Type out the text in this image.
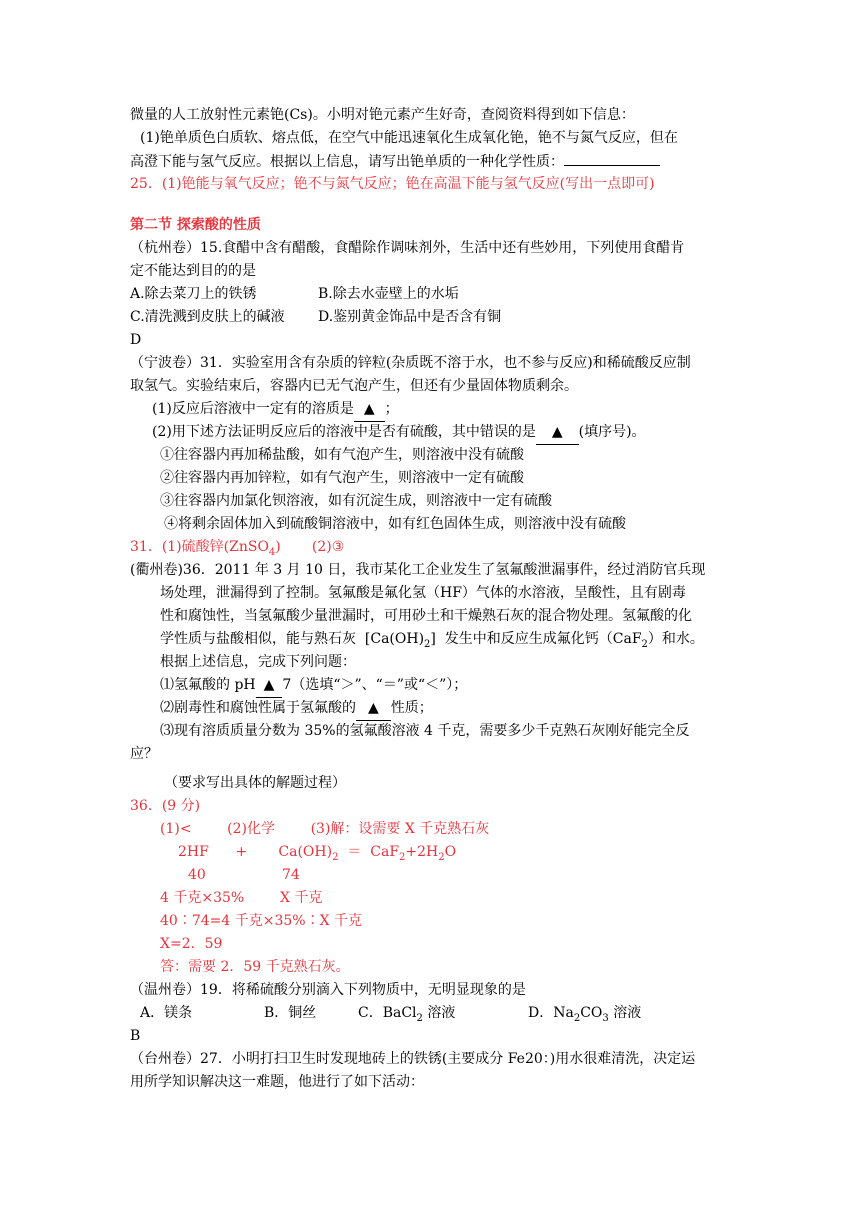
微量的人工放射性元素铯(Cs)。小明对铯元素产生好奇，查阅资料得到如下信息：
(1)铯单质色白质软、熔点低，在空气中能迅速氧化生成氧化铯，铯不与氮气反应，但在
高澄下能与氢气反应。根据以上信息，请写出铯单质的一种化学性质：
25．(1)铯能与氧气反应；铯不与氮气反应；铯在高温下能与氢气反应(写出一点即可)
第二节 探索酸的性质
（杭州卷）15.食醋中含有醋酸，食醋除作调味剂外，生活中还有些妙用，下列使用食醋肯
定不能达到目的的是
A.除去菜刀上的铁锈	B.除去水壶壁上的水垢
C.清洗溅到皮肤上的碱液 D.鉴别黄金饰品中是否含有铜
D
（宁波卷）31．实验室用含有杂质的锌粒(杂质既不溶于水，也不参与反应)和稀硫酸反应制
取氢气。实验结束后，容器内已无气泡产生，但还有少量固体物质剩余。
(1)反应后溶液中一定有的溶质是 ▲ ；
(2)用下述方法证明反应后的溶液中是否有硫酸，其中错误的是 ▲ (填序号)。
①往容器内再加稀盐酸，如有气泡产生，则溶液中没有硫酸
②往容器内再加锌粒，如有气泡产生，则溶液中一定有硫酸
③往容器内加氯化钡溶液，如有沉淀生成，则溶液中一定有硫酸
④将剩余固体加入到硫酸铜溶液中，如有红色固体生成，则溶液中没有硫酸
31．(1)硫酸锌(ZnSO$_4$)       (2)③
(衢州卷)36．2011 年 3 月 10 日，我市某化工企业发生了氢氟酸泄漏事件，经过消防官兵现
场处理，泄漏得到了控制。氢氟酸是氟化氢（HF）气体的水溶液，呈酸性，且有剧毒
性和腐蚀性，当氢氟酸少量泄漏时，可用砂土和干燥熟石灰的混合物处理。氢氟酸的化
学性质与盐酸相似，能与熟石灰  $[Ca(OH)_2]$  发生中和反应生成氟化钙（CaF$_2$）和水。
根据上述信息，完成下列问题：
⑴氢氟酸的 pH ▲ 7（选填“＞”、“＝”或“＜”）；
⑵剧毒性和腐蚀性属于氢氟酸的 ▲ 性质；
⑶现有溶质质量分数为 35%的氢氟酸溶液 4 千克，需要多少千克熟石灰刚好能完全反
应？
（要求写出具体的解题过程）
36．(9 分)
(1)<        (2)化学        (3)解：设需要 X 千克熟石灰
2HF      +       $Ca(OH)_2 = CaF_2+2H_2O$
40	74
4 千克×35%	X 千克
40∶74=4 千克×35%∶X 千克
X=2．59
答：需要 2．59 千克熟石灰。
（温州卷）19．将稀硫酸分别滴入下列物质中，无明显现象的是
A．镁条	B．铜丝	C．BaCl$_2$ 溶液	D．$Na_2CO_3$ 溶液
B
（台州卷）27．小明打扫卫生时发现地砖上的铁锈(主要成分 Fe20：)用水很难清洗，决定运
用所学知识解决这一难题，他进行了如下活动：
